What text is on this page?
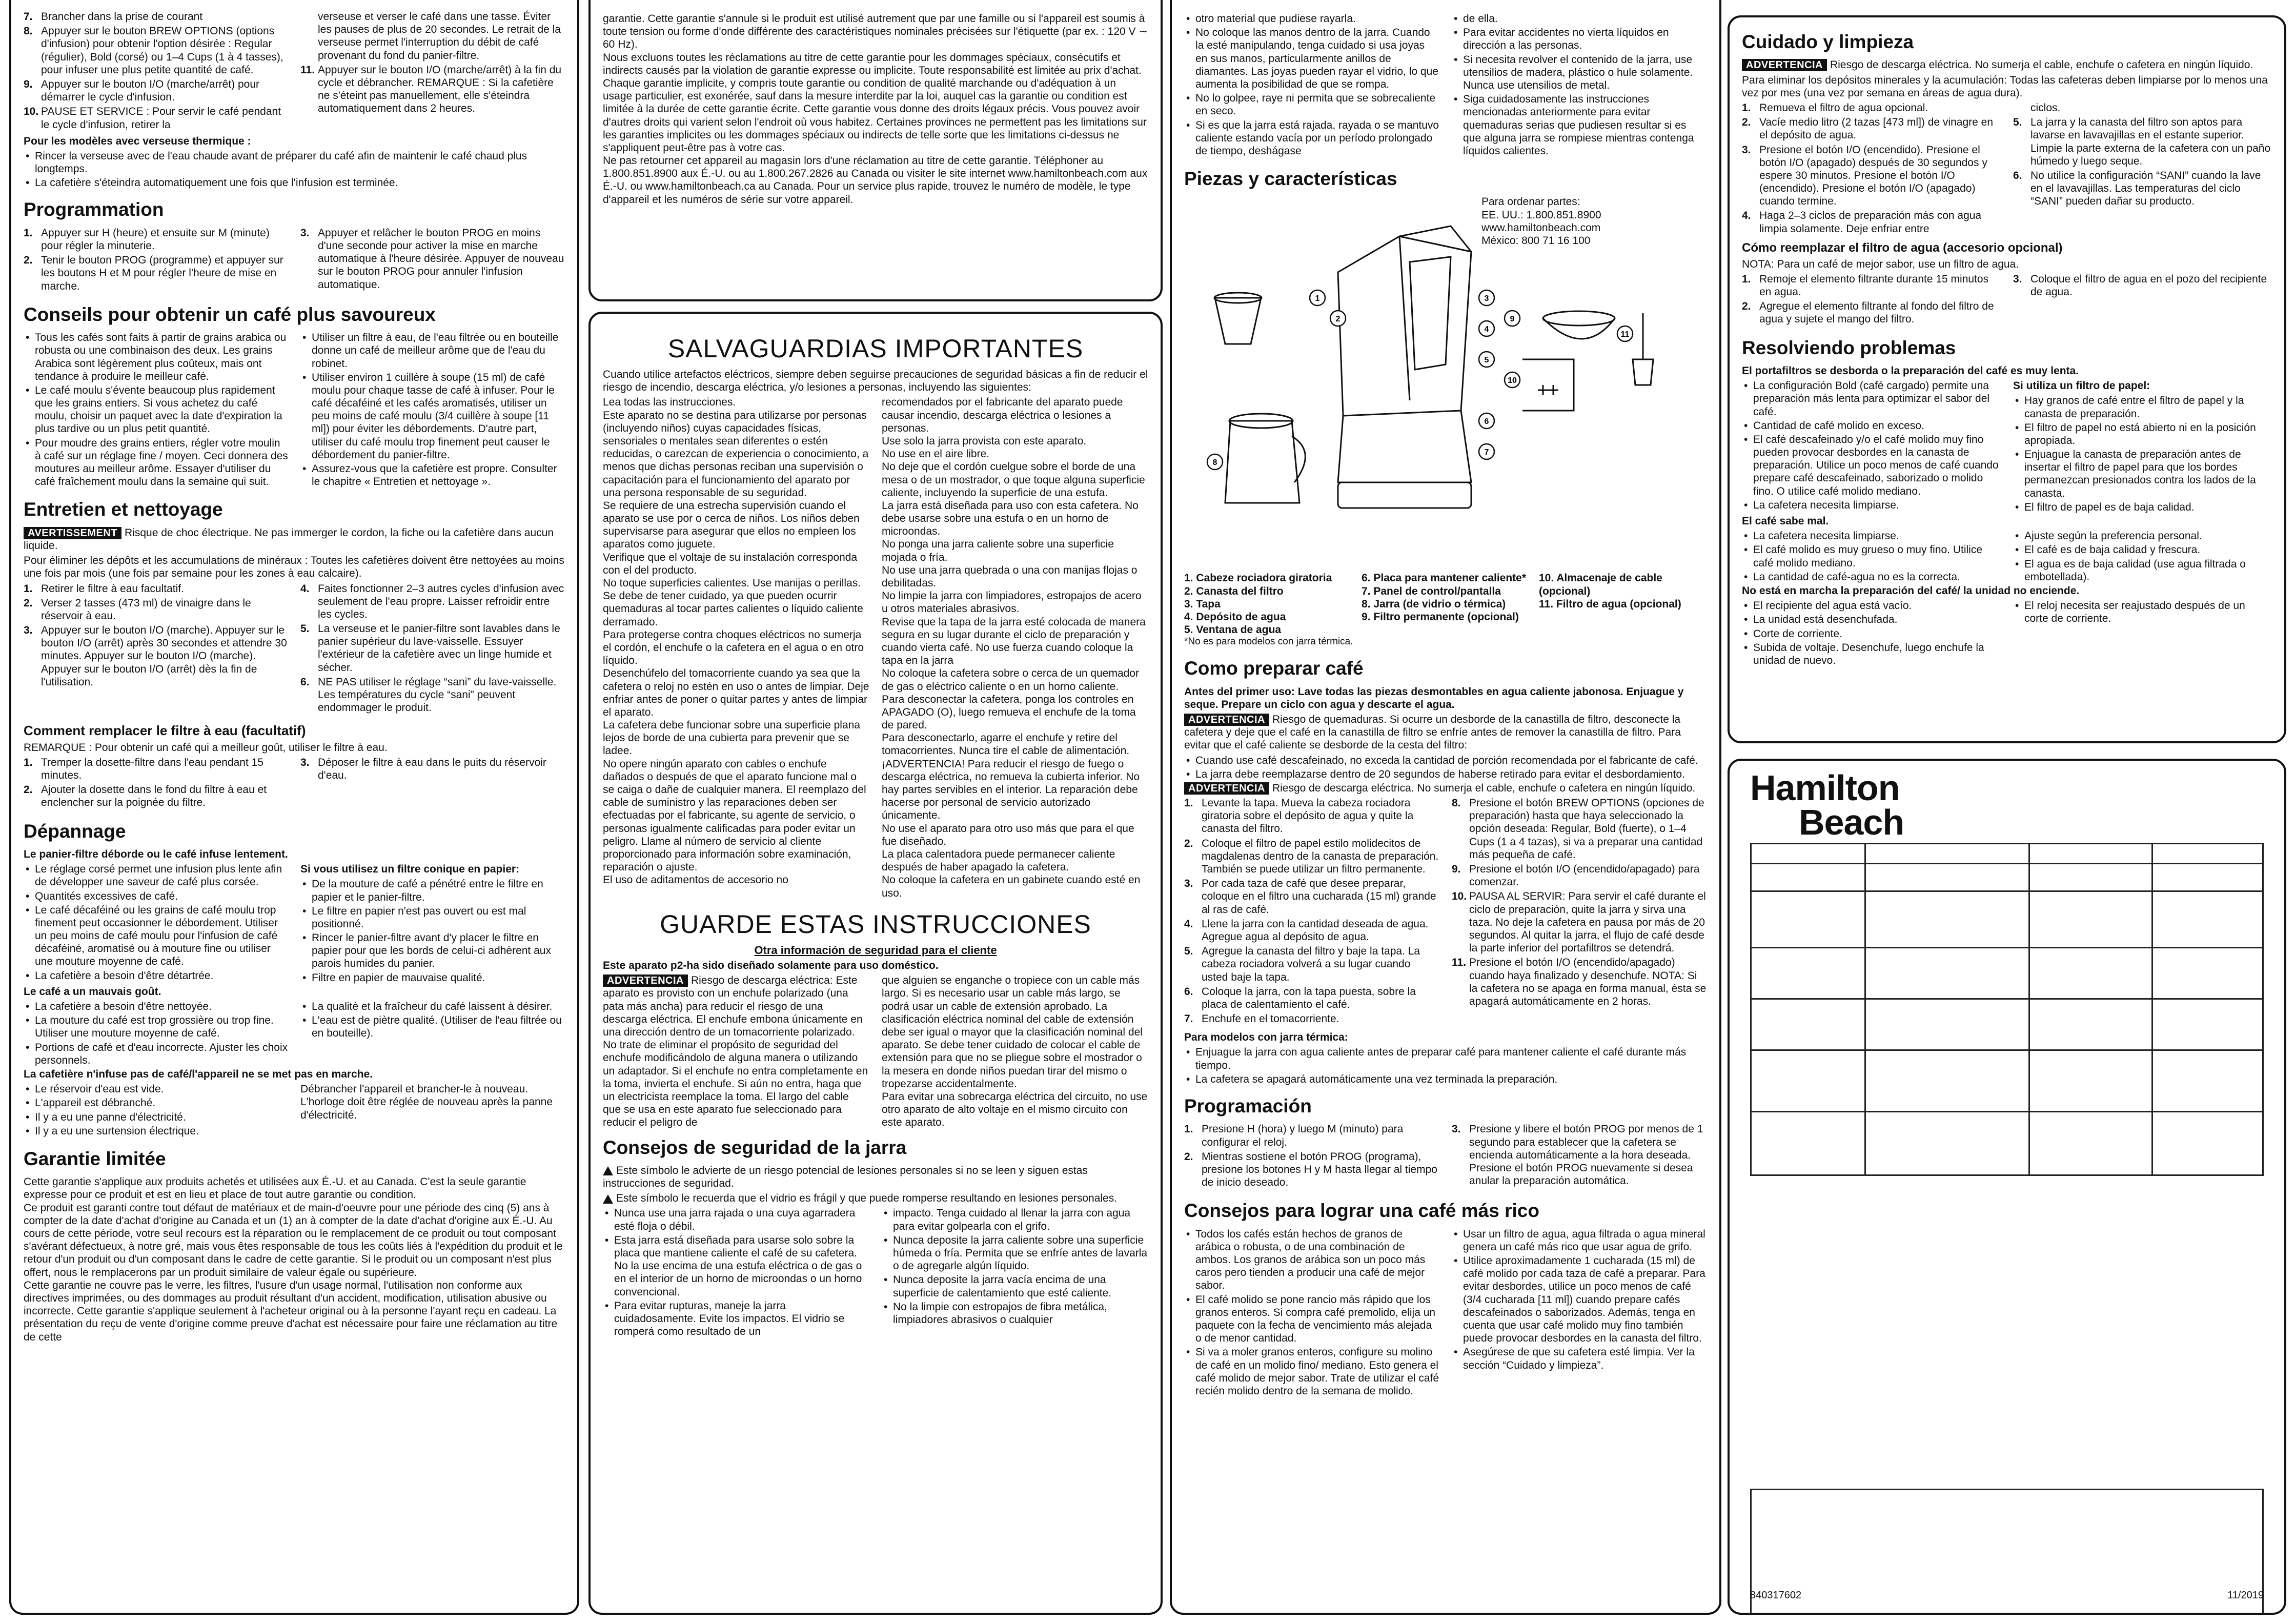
7. Brancher dans la prise de courant
8. Appuyer sur le bouton BREW OPTIONS (options d'infusion) pour obtenir l'option désirée : Regular (régulier), Bold (corsé) ou 1–4 Cups (1 à 4 tasses), pour infuser une plus petite quantité de café.
9. Appuyer sur le bouton I/O (marche/arrêt) pour démarrer le cycle d'infusion.
10. PAUSE ET SERVICE : Pour servir le café pendant le cycle d'infusion, retirer la
verseuse et verser le café dans une tasse. Éviter les pauses de plus de 20 secondes. Le retrait de la verseuse permet l'interruption du débit de café provenant du fond du panier-filtre.
11. Appuyer sur le bouton I/O (marche/arrêt) à la fin du cycle et débrancher. REMARQUE : Si la cafetière ne s'éteint pas manuellement, elle s'éteindra automatiquement dans 2 heures.

Pour les modèles avec verseuse thermique :

• Rincer la verseuse avec de l'eau chaude avant de préparer du café afin de maintenir le café chaud plus longtemps.
• La cafetière s'éteindra automatiquement une fois que l'infusion est terminée.
Programmation
1. Appuyer sur H (heure) et ensuite sur M (minute) pour régler la minuterie.
2. Tenir le bouton PROG (programme) et appuyer sur les boutons H et M pour régler l'heure de mise en marche.
3. Appuyer et relâcher le bouton PROG en moins d'une seconde pour activer la mise en marche automatique à l'heure désirée. Appuyer de nouveau sur le bouton PROG pour annuler l'infusion automatique.
Conseils pour obtenir un café plus savoureux
• Tous les cafés sont faits à partir de grains arabica ou robusta ou une combinaison des deux. Les grains Arabica sont légèrement plus coûteux, mais ont tendance à produire le meilleur café.
• Le café moulu s'évente beaucoup plus rapidement que les grains entiers. Si vous achetez du café moulu, choisir un paquet avec la date d'expiration la plus tardive ou un plus petit quantité.
• Pour moudre des grains entiers, régler votre moulin à café sur un réglage fine / moyen. Ceci donnera des moutures au meilleur arôme. Essayer d'utiliser du café fraîchement moulu dans la semaine qui suit.
• Utiliser un filtre à eau, de l'eau filtrée ou en bouteille donne un café de meilleur arôme que de l'eau du robinet.
• Utiliser environ 1 cuillère à soupe (15 ml) de café moulu pour chaque tasse de café à infuser. Pour le café décaféiné et les cafés aromatisés, utiliser un peu moins de café moulu (3/4 cuillère à soupe [11 ml]) pour éviter les débordements. D'autre part, utiliser du café moulu trop finement peut causer le débordement du panier-filtre.
• Assurez-vous que la cafetière est propre. Consulter le chapitre « Entretien et nettoyage ».
Entretien et nettoyage

AVERTISSEMENT Risque de choc électrique. Ne pas immerger le cordon, la fiche ou la cafetière dans aucun liquide.

Pour éliminer les dépôts et les accumulations de minéraux : Toutes les cafetières doivent être nettoyées au moins une fois par mois (une fois par semaine pour les zones à eau calcaire).

1. Retirer le filtre à eau facultatif.
2. Verser 2 tasses (473 ml) de vinaigre dans le réservoir à eau.
3. Appuyer sur le bouton I/O (marche). Appuyer sur le bouton I/O (arrêt) après 30 secondes et attendre 30 minutes. Appuyer sur le bouton I/O (marche). Appuyer sur le bouton I/O (arrêt) dès la fin de l'utilisation.
4. Faites fonctionner 2–3 autres cycles d'infusion avec seulement de l'eau propre. Laisser refroidir entre les cycles.
5. La verseuse et le panier-filtre sont lavables dans le panier supérieur du lave-vaisselle. Essuyer l'extérieur de la cafetière avec un linge humide et sécher.
6. NE PAS utiliser le réglage “sani” du lave-vaisselle. Les températures du cycle “sani” peuvent endommager le produit.
Comment remplacer le filtre à eau (facultatif)

REMARQUE : Pour obtenir un café qui a meilleur goût, utiliser le filtre à eau.

1. Tremper la dosette-filtre dans l'eau pendant 15 minutes.
2. Ajouter la dosette dans le fond du filtre à eau et enclencher sur la poignée du filtre.
3. Déposer le filtre à eau dans le puits du réservoir d'eau.
Dépannage

Le panier-filtre déborde ou le café infuse lentement.

• Le réglage corsé permet une infusion plus lente afin de développer une saveur de café plus corsée.
• Quantités excessives de café.
• Le café décaféiné ou les grains de café moulu trop finement peut occasionner le débordement. Utiliser un peu moins de café moulu pour l'infusion de café décaféiné, aromatisé ou à mouture fine ou utiliser une mouture moyenne de café.
• La cafetière a besoin d'être détartrée.

Si vous utilisez un filtre conique en papier:

• De la mouture de café a pénétré entre le filtre en papier et le panier-filtre.
• Le filtre en papier n'est pas ouvert ou est mal positionné.
• Rincer le panier-filtre avant d'y placer le filtre en papier pour que les bords de celui-ci adhèrent aux parois humides du panier.
• Filtre en papier de mauvaise qualité.

Le café a un mauvais goût.

• La cafetière a besoin d'être nettoyée.
• La mouture du café est trop grossière ou trop fine. Utiliser une mouture moyenne de café.
• Portions de café et d'eau incorrecte. Ajuster les choix personnels.
• La qualité et la fraîcheur du café laissent à désirer.
• L'eau est de piètre qualité. (Utiliser de l'eau filtrée ou en bouteille).

La cafetière n'infuse pas de café/l'appareil ne se met pas en marche.

• Le réservoir d'eau est vide.
• L'appareil est débranché.
• Il y a eu une panne d'électricité.
• Il y a eu une surtension électrique.

Débrancher l'appareil et brancher-le à nouveau.
L'horloge doit être réglée de nouveau après la panne d'électricité.

Garantie limitée

Cette garantie s'applique aux produits achetés et utilisées aux É.-U. et au Canada. C'est la seule garantie expresse pour ce produit et est en lieu et place de tout autre garantie ou condition.
Ce produit est garanti contre tout défaut de matériaux et de main-d'oeuvre pour une période des cinq (5) ans à compter de la date d'achat d'origine au Canada et un (1) an à compter de la date d'achat d'origine aux É.-U. Au cours de cette période, votre seul recours est la réparation ou le remplacement de ce produit ou tout composant s'avérant défectueux, à notre gré, mais vous êtes responsable de tous les coûts liés à l'expédition du produit et le retour d'un produit ou d'un composant dans le cadre de cette garantie. Si le produit ou un composant n'est plus offert, nous le remplacerons par un produit similaire de valeur égale ou supérieure.
Cette garantie ne couvre pas le verre, les filtres, l'usure d'un usage normal, l'utilisation non conforme aux directives imprimées, ou des dommages au produit résultant d'un accident, modification, utilisation abusive ou incorrecte. Cette garantie s'applique seulement à l'acheteur original ou à la personne l'ayant reçu en cadeau. La présentation du reçu de vente d'origine comme preuve d'achat est nécessaire pour faire une réclamation au titre de cette

garantie. Cette garantie s'annule si le produit est utilisé autrement que par une famille ou si l'appareil est soumis à toute tension ou forme d'onde différente des caractéristiques nominales précisées sur l'étiquette (par ex. : 120 V ∼ 60 Hz).
Nous excluons toutes les réclamations au titre de cette garantie pour les dommages spéciaux, consécutifs et indirects causés par la violation de garantie expresse ou implicite. Toute responsabilité est limitée au prix d'achat. Chaque garantie implicite, y compris toute garantie ou condition de qualité marchande ou d'adéquation à un usage particulier, est exonérée, sauf dans la mesure interdite par la loi, auquel cas la garantie ou condition est limitée à la durée de cette garantie écrite. Cette garantie vous donne des droits légaux précis. Vous pouvez avoir d'autres droits qui varient selon l'endroit où vous habitez. Certaines provinces ne permettent pas les limitations sur les garanties implicites ou les dommages spéciaux ou indirects de telle sorte que les limitations ci-dessus ne s'appliquent peut-être pas à votre cas.
Ne pas retourner cet appareil au magasin lors d'une réclamation au titre de cette garantie. Téléphoner au 1.800.851.8900 aux É.-U. ou au 1.800.267.2826 au Canada ou visiter le site internet www.hamiltonbeach.com aux É.-U. ou www.hamiltonbeach.ca au Canada. Pour un service plus rapide, trouvez le numéro de modèle, le type d'appareil et les numéros de série sur votre appareil.

SALVAGUARDIAS IMPORTANTES

Cuando utilice artefactos eléctricos, siempre deben seguirse precauciones de seguridad básicas a fin de reducir el riesgo de incendio, descarga eléctrica, y/o lesiones a personas, incluyendo las siguientes:

Lea todas las instrucciones.
Este aparato no se destina para utilizarse por personas (incluyendo niños) cuyas capacidades físicas, sensoriales o mentales sean diferentes o estén reducidas, o carezcan de experiencia o conocimiento, a menos que dichas personas reciban una supervisión o capacitación para el funcionamiento del aparato por una persona responsable de su seguridad.
Se requiere de una estrecha supervisión cuando el aparato se use por o cerca de niños. Los niños deben supervisarse para asegurar que ellos no empleen los aparatos como juguete.
Verifique que el voltaje de su instalación corresponda con el del producto.
No toque superficies calientes. Use manijas o perillas. Se debe de tener cuidado, ya que pueden ocurrir quemaduras al tocar partes calientes o líquido caliente derramado.
Para protegerse contra choques eléctricos no sumerja el cordón, el enchufe o la cafetera en el agua o en otro líquido.
Desenchúfelo del tomacorriente cuando ya sea que la cafetera o reloj no estén en uso o antes de limpiar. Deje enfriar antes de poner o quitar partes y antes de limpiar el aparato.
La cafetera debe funcionar sobre una superficie plana lejos de borde de una cubierta para prevenir que se ladee.
No opere ningún aparato con cables o enchufe dañados o después de que el aparato funcione mal o se caiga o dañe de cualquier manera. El reemplazo del cable de suministro y las reparaciones deben ser efectuadas por el fabricante, su agente de servicio, o personas igualmente calificadas para poder evitar un peligro. Llame al número de servicio al cliente proporcionado para información sobre examinación, reparación o ajuste.
El uso de aditamentos de accesorio no

recomendados por el fabricante del aparato puede causar incendio, descarga eléctrica o lesiones a personas.
Use solo la jarra provista con este aparato.
No use en el aire libre.
No deje que el cordón cuelgue sobre el borde de una mesa o de un mostrador, o que toque alguna superficie caliente, incluyendo la superficie de una estufa.
La jarra está diseñada para uso con esta cafetera. No debe usarse sobre una estufa o en un horno de microondas.
No ponga una jarra caliente sobre una superficie mojada o fría.
No use una jarra quebrada o una con manijas flojas o debilitadas.
No limpie la jarra con limpiadores, estropajos de acero u otros materiales abrasivos.
Revise que la tapa de la jarra esté colocada de manera segura en su lugar durante el ciclo de preparación y cuando vierta café. No use fuerza cuando coloque la tapa en la jarra
No coloque la cafetera sobre o cerca de un quemador de gas o eléctrico caliente o en un horno caliente.
Para desconectar la cafetera, ponga los controles en APAGADO (O), luego remueva el enchufe de la toma de pared.
Para desconectarlo, agarre el enchufe y retire del tomacorrientes. Nunca tire el cable de alimentación.
¡ADVERTENCIA! Para reducir el riesgo de fuego o descarga eléctrica, no remueva la cubierta inferior. No hay partes servibles en el interior. La reparación debe hacerse por personal de servicio autorizado únicamente.
No use el aparato para otro uso más que para el que fue diseñado.
La placa calentadora puede permanecer caliente después de haber apagado la cafetera.
No coloque la cafetera en un gabinete cuando esté en uso.

GUARDE ESTAS INSTRUCCIONES
Otra información de seguridad para el cliente

Este aparato p2-ha sido diseñado solamente para uso doméstico.

ADVERTENCIA Riesgo de descarga eléctrica: Este aparato es provisto con un enchufe polarizado (una pata más ancha) para reducir el riesgo de una descarga eléctrica. El enchufe embona únicamente en una dirección dentro de un tomacorriente polarizado. No trate de eliminar el propósito de seguridad del enchufe modificándolo de alguna manera o utilizando un adaptador. Si el enchufe no entra completamente en la toma, invierta el enchufe. Si aún no entra, haga que un electricista reemplace la toma. El largo del cable que se usa en este aparato fue seleccionado para reducir el peligro de

que alguien se enganche o tropiece con un cable más largo. Si es necesario usar un cable más largo, se podrá usar un cable de extensión aprobado. La clasificación eléctrica nominal del cable de extensión debe ser igual o mayor que la clasificación nominal del aparato. Se debe tener cuidado de colocar el cable de extensión para que no se pliegue sobre el mostrador o la mesera en donde niños puedan tirar del mismo o tropezarse accidentalmente.
Para evitar una sobrecarga eléctrica del circuito, no use otro aparato de alto voltaje en el mismo circuito con este aparato.

Consejos de seguridad de la jarra

Este símbolo le advierte de un riesgo potencial de lesiones personales si no se leen y siguen estas instrucciones de seguridad.

Este símbolo le recuerda que el vidrio es frágil y que puede romperse resultando en lesiones personales.

• Nunca use una jarra rajada o una cuya agarradera esté floja o débil.
• Esta jarra está diseñada para usarse solo sobre la placa que mantiene caliente el café de su cafetera. No la use encima de una estufa eléctrica o de gas o en el interior de un horno de microondas o un horno convencional.
• Para evitar rupturas, maneje la jarra cuidadosamente. Evite los impactos. El vidrio se romperá como resultado de un
• impacto. Tenga cuidado al llenar la jarra con agua para evitar golpearla con el grifo.
• Nunca deposite la jarra caliente sobre una superficie húmeda o fría. Permita que se enfríe antes de lavarla o de agregarle algún líquido.
• Nunca deposite la jarra vacía encima de una superficie de calentamiento que esté caliente.
• No la limpie con estropajos de fibra metálica, limpiadores abrasivos o cualquier
• otro material que pudiese rayarla.
• No coloque las manos dentro de la jarra. Cuando la esté manipulando, tenga cuidado si usa joyas en sus manos, particularmente anillos de diamantes. Las joyas pueden rayar el vidrio, lo que aumenta la posibilidad de que se rompa.
• No lo golpee, raye ni permita que se sobrecaliente en seco.
• Si es que la jarra está rajada, rayada o se mantuvo caliente estando vacía por un período prolongado de tiempo, deshágase
• de ella.
• Para evitar accidentes no vierta líquidos en dirección a las personas.
• Si necesita revolver el contenido de la jarra, use utensilios de madera, plástico o hule solamente. Nunca use utensilios de metal.
• Siga cuidadosamente las instrucciones mencionadas anteriormente para evitar quemaduras serias que pudiesen resultar si es que alguna jarra se rompiese mientras contenga líquidos calientes.
Piezas y características
Para ordenar partes:
EE. UU.: 1.800.851.8900
www.hamiltonbeach.com
México: 800 71 16 100
1
2
3
4
5
6
7
8
9
10
11
1. Cabeze rociadora giratoria
2. Canasta del filtro
3. Tapa
4. Depósito de agua
5. Ventana de agua
6. Placa para mantener caliente*
7. Panel de control/pantalla
8. Jarra (de vidrio o térmica)
9. Filtro permanente (opcional)
10. Almacenaje de cable (opcional)
11. Filtro de agua (opcional)

*No es para modelos con jarra térmica.

Como preparar café

Antes del primer uso: Lave todas las piezas desmontables en agua caliente jabonosa. Enjuague y seque. Prepare un ciclo con agua y descarte el agua.

ADVERTENCIA Riesgo de quemaduras. Si ocurre un desborde de la canastilla de filtro, desconecte la cafetera y deje que el café en la canastilla de filtro se enfríe antes de remover la canastilla de filtro. Para evitar que el café caliente se desborde de la cesta del filtro:

• Cuando use café descafeinado, no exceda la cantidad de porción recomendada por el fabricante de café.
• La jarra debe reemplazarse dentro de 20 segundos de haberse retirado para evitar el desbordamiento.

ADVERTENCIA Riesgo de descarga eléctrica. No sumerja el cable, enchufe o cafetera en ningún líquido.

1. Levante la tapa. Mueva la cabeza rociadora giratoria sobre el depósito de agua y quite la canasta del filtro.
2. Coloque el filtro de papel estilo molidecitos de magdalenas dentro de la canasta de preparación. También se puede utilizar un filtro permanente.
3. Por cada taza de café que desee preparar, coloque en el filtro una cucharada (15 ml) grande al ras de café.
4. Llene la jarra con la cantidad deseada de agua. Agregue agua al depósito de agua.
5. Agregue la canasta del filtro y baje la tapa. La cabeza rociadora volverá a su lugar cuando usted baje la tapa.
6. Coloque la jarra, con la tapa puesta, sobre la placa de calentamiento el café.
7. Enchufe en el tomacorriente.
8. Presione el botón BREW OPTIONS (opciones de preparación) hasta que haya seleccionado la opción deseada: Regular, Bold (fuerte), o 1–4 Cups (1 a 4 tazas), si va a preparar una cantidad más pequeña de café.
9. Presione el botón I/O (encendido/apagado) para comenzar.
10. PAUSA AL SERVIR: Para servir el café durante el ciclo de preparación, quite la jarra y sirva una taza. No deje la cafetera en pausa por más de 20 segundos. Al quitar la jarra, el flujo de café desde la parte inferior del portafiltros se detendrá.
11. Presione el botón I/O (encendido/apagado) cuando haya finalizado y desenchufe. NOTA: Si la cafetera no se apaga en forma manual, ésta se apagará automáticamente en 2 horas.

Para modelos con jarra térmica:

• Enjuague la jarra con agua caliente antes de preparar café para mantener caliente el café durante más tiempo.
• La cafetera se apagará automáticamente una vez terminada la preparación.
Programación
1. Presione H (hora) y luego M (minuto) para configurar el reloj.
2. Mientras sostiene el botón PROG (programa), presione los botones H y M hasta llegar al tiempo de inicio deseado.
3. Presione y libere el botón PROG por menos de 1 segundo para establecer que la cafetera se encienda automáticamente a la hora deseada. Presione el botón PROG nuevamente si desea anular la preparación automática.
Consejos para lograr una café más rico
• Todos los cafés están hechos de granos de arábica o robusta, o de una combinación de ambos. Los granos de arábica son un poco más caros pero tienden a producir una café de mejor sabor.
• El café molido se pone rancio más rápido que los granos enteros. Si compra café premolido, elija un paquete con la fecha de vencimiento más alejada o de menor cantidad.
• Si va a moler granos enteros, configure su molino de café en un molido fino/ mediano. Esto genera el café molido de mejor sabor. Trate de utilizar el café recién molido dentro de la semana de molido.
• Usar un filtro de agua, agua filtrada o agua mineral genera un café más rico que usar agua de grifo.
• Utilice aproximadamente 1 cucharada (15 ml) de café molido por cada taza de café a preparar. Para evitar desbordes, utilice un poco menos de café (3/4 cucharada [11 ml]) cuando prepare cafés descafeinados o saborizados. Además, tenga en cuenta que usar café molido muy fino también puede provocar desbordes en la canasta del filtro.
• Asegúrese de que su cafetera esté limpia. Ver la sección “Cuidado y limpieza”.
Cuidado y limpieza

ADVERTENCIA Riesgo de descarga eléctrica. No sumerja el cable, enchufe o cafetera en ningún líquido.

Para eliminar los depósitos minerales y la acumulación: Todas las cafeteras deben limpiarse por lo menos una vez por mes (una vez por semana en áreas de agua dura).

1. Remueva el filtro de agua opcional.
2. Vacíe medio litro (2 tazas [473 ml]) de vinagre en el depósito de agua.
3. Presione el botón I/O (encendido). Presione el botón I/O (apagado) después de 30 segundos y espere 30 minutos. Presione el botón I/O (encendido). Presione el botón I/O (apagado) cuando termine.
4. Haga 2–3 ciclos de preparación más con agua limpia solamente. Deje enfriar entre
ciclos.
5. La jarra y la canasta del filtro son aptos para lavarse en lavavajillas en el estante superior. Limpie la parte externa de la cafetera con un paño húmedo y luego seque.
6. No utilice la configuración “SANI” cuando la lave en el lavavajillas. Las temperaturas del ciclo “SANI” pueden dañar su producto.

Cómo reemplazar el filtro de agua (accesorio opcional)

NOTA: Para un café de mejor sabor, use un filtro de agua.

1. Remoje el elemento filtrante durante 15 minutos en agua.
2. Agregue el elemento filtrante al fondo del filtro de agua y sujete el mango del filtro.
3. Coloque el filtro de agua en el pozo del recipiente de agua.
Resolviendo problemas

El portafiltros se desborda o la preparación del café es muy lenta.

• La configuración Bold (café cargado) permite una preparación más lenta para optimizar el sabor del café.
• Cantidad de café molido en exceso.
• El café descafeinado y/o el café molido muy fino pueden provocar desbordes en la canasta de preparación. Utilice un poco menos de café cuando prepare café descafeinado, saborizado o molido fino. O utilice café molido mediano.
• La cafetera necesita limpiarse.

Si utiliza un filtro de papel:

• Hay granos de café entre el filtro de papel y la canasta de preparación.
• El filtro de papel no está abierto ni en la posición apropiada.
• Enjuague la canasta de preparación antes de insertar el filtro de papel para que los bordes permanezcan presionados contra los lados de la canasta.
• El filtro de papel es de baja calidad.

El café sabe mal.

• La cafetera necesita limpiarse.
• El café molido es muy grueso o muy fino. Utilice café molido mediano.
• La cantidad de café-agua no es la correcta.
• Ajuste según la preferencia personal.
• El café es de baja calidad y frescura.
• El agua es de baja calidad (use agua filtrada o embotellada).

No está en marcha la preparación del café/ la unidad no enciende.

• El recipiente del agua está vacío.
• La unidad está desenchufada.
• Corte de corriente.
• Subida de voltaje. Desenchufe, luego enchufe la unidad de nuevo.
• El reloj necesita ser reajustado después de un corte de corriente.
Hamilton
Beach
840317602	11/2019
